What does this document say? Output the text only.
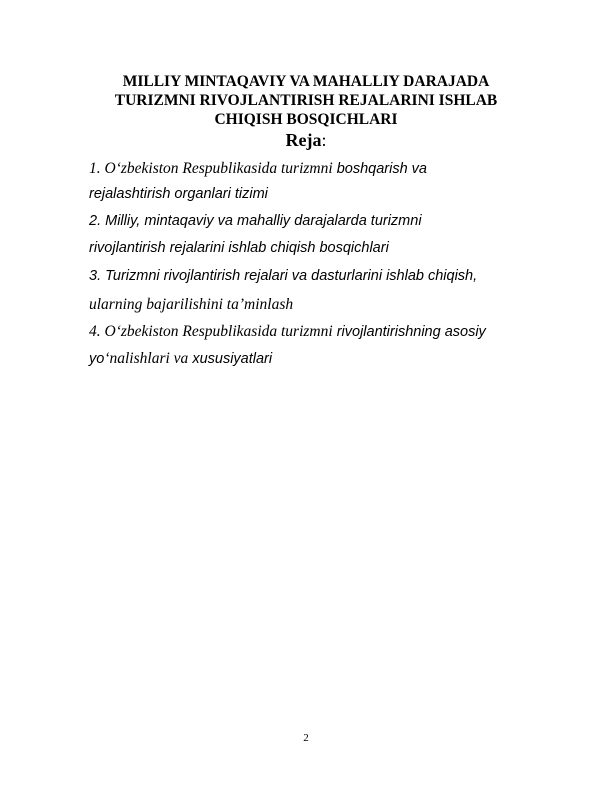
MILLIY MINTAQAVIY VA MAHALLIY DARAJADA
TURIZMNI RIVOJLANTIRISH REJALARINI ISHLAB
CHIQISH BOSQICHLARI
Reja:
1. O‘zbekiston Respublikasida turizmni boshqarish va
rejalashtirish organlari tizimi
2. Milliy, mintaqaviy va mahalliy darajalarda turizmni
rivojlantirish rejalarini ishlab chiqish bosqichlari
3. Turizmni rivojlantirish rejalari va dasturlarini ishlab chiqish,
ularning bajarilishini ta’minlash
4. O‘zbekiston Respublikasida turizmni rivojlantirishning asosiy
yo‘nalishlari va xususiyatlari
2
